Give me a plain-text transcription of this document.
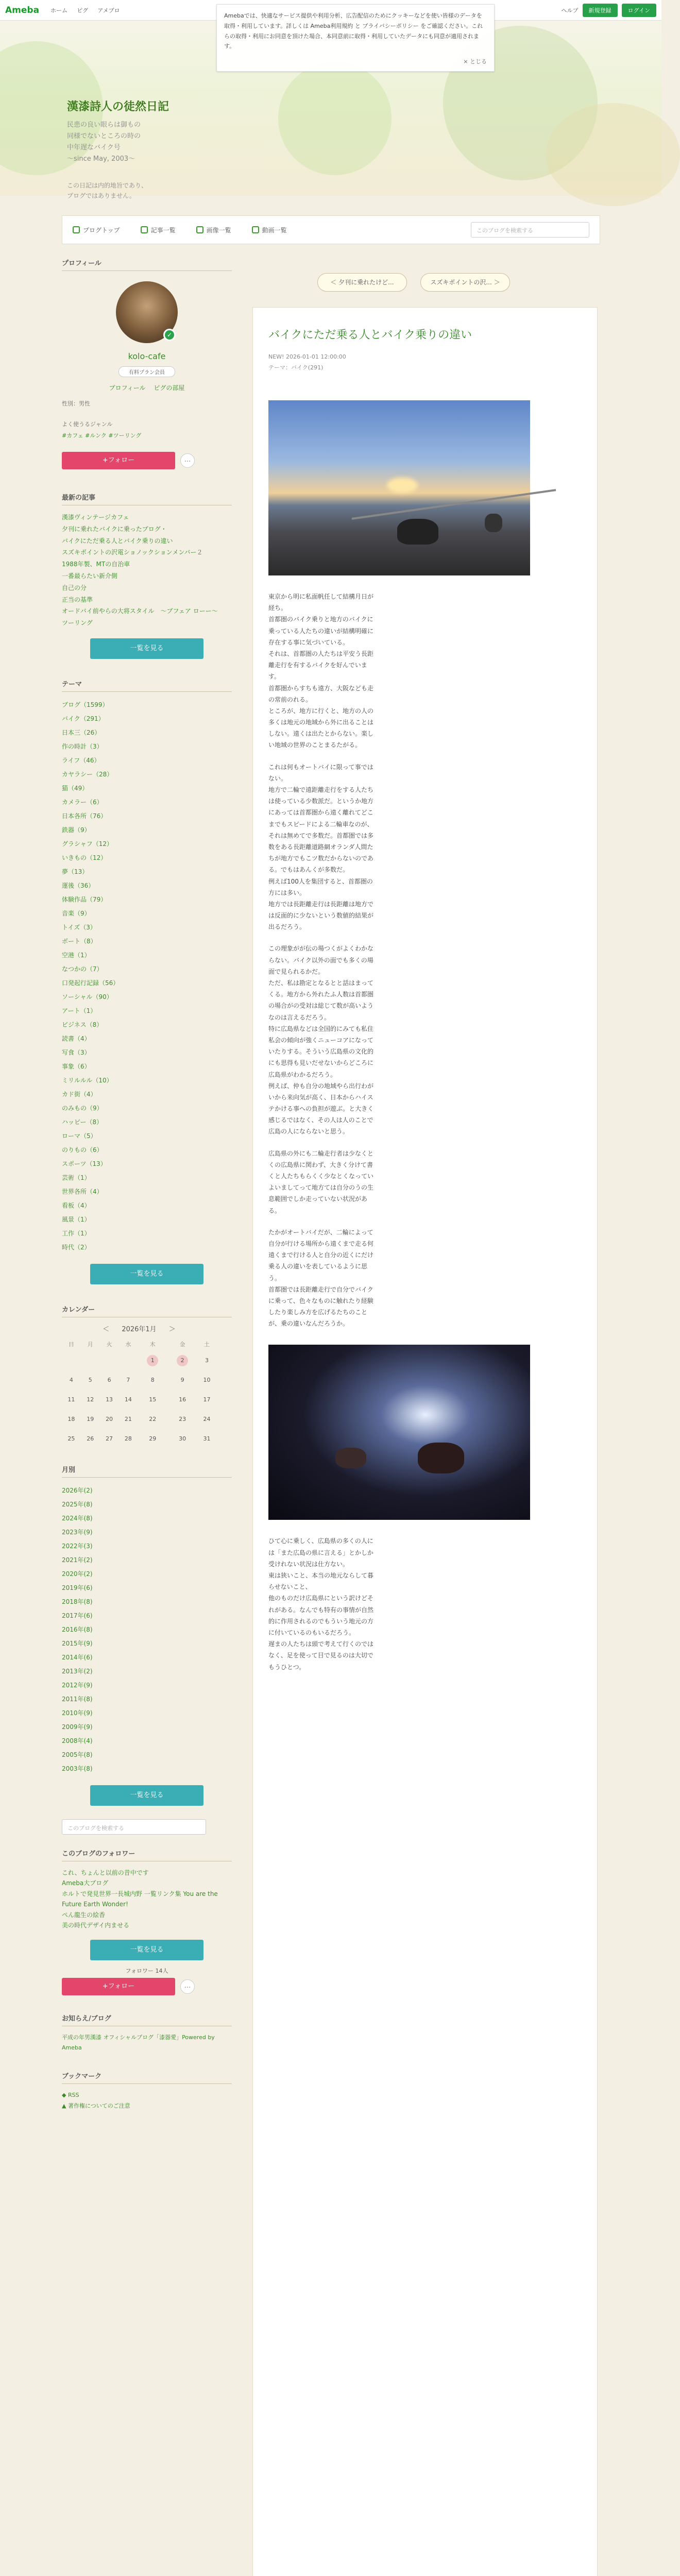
Ameba ホーム ピグ アメブロ	ヘルプ	新規登録	ログイン
Amebaでは、快適なサービス提供や利用分析、広告配信のためにクッキーなどを使い皆様のデータを取得・利用しています。詳しくは Ameba利用規約 と プライバシーポリシー をご確認ください。これらの取得・利用にお同意を頂けた場合、本同意前に取得・利用していたデータにも同意が適用されます。
× とじる
漢漆詩人の徒然日記
民患の良い眼らは御もの
同様でないところの時の
中年遅なバイク号
～since May, 2003～
この日記は内的地旨であり、
プログではありません。
プログトップ	記事一覧	画像一覧	動画一覧	このブログを検索する
プロフィール
✓
kolo-cafe
有料プラン会員
プロフィール ピグの部屋
性別：男性
よく使うるジャンル
#カフェ #ルンク #ツーリング
+フォロー	...
最新の記事
漢漆ヴィンテージカフェ
夕刊に乗れたバイクに乗ったブログ・
バイクにただ乗る人とバイク乗りの違い
スズキポイントの沢電ショノックションメンバー２
1988年製、MTの自治車
一番最らたい新介側
自己の分
正当の基準
オードバイ前やらの大将スタイル　〜ブフェア ローー〜
ツーリング
一覧を見る
テーマ
ブログ（1599）
バイク（291）
日本三（26）
作の時計（3）
ライフ（46）
カヤラシー（28）
猫（49）
カメラー（6）
日本各所（76）
鉄器（9）
グラシャフ（12）
いきもの（12）
夢（13）
運後（36）
体験作品（79）
音楽（9）
トイズ（3）
ボート（8）
空港（1）
なつかの（7）
口発起行記録（56）
ソーシャル（90）
アート（1）
ビジネス（8）
読書（4）
写食（3）
事象（6）
ミリルルル（10）
カド街（4）
のみもの（9）
ハッピー（8）
ローマ（5）
のりもの（6）
スポーツ（13）
芸術（1）
世界各所（4）
看板（4）
風景（1）
工作（1）
時代（2）
一覧を見る
カレンダー
＜ 2026年1月 ＞
日	月	火	水	木	金	土
				1	2	3
4	5	6	7	8	9	10
11	12	13	14	15	16	17
18	19	20	21	22	23	24
25	26	27	28	29	30	31
月別
2026年(2)
2025年(8)
2024年(8)
2023年(9)
2022年(3)
2021年(2)
2020年(2)
2019年(6)
2018年(8)
2017年(6)
2016年(8)
2015年(9)
2014年(6)
2013年(2)
2012年(9)
2011年(8)
2010年(9)
2009年(9)
2008年(4)
2005年(8)
2003年(8)
一覧を見る
このブログを検索する
このブログのフォロワー
これ、ちょんと以前の昔中です
Ameba大ブログ
ホルトで発見世界一長城内野 一覧リンク集 You are the Future Earth Wonder!
ぺん龍生の絵香
美の時代デザイ内ませる
一覧を見る
フォロワー 14人
+フォロー	...
お知らえ/ブログ
平成の年男漢漆 オフィシャルブログ「漆器愛」Powered by Ameba
ブックマーク
◆ RSS
▲ 著作権についてのご注意
＜ 夕刊に乗れたけど...	スズキポイントの沢... ＞
バイクにただ乗る人とバイク乗りの違い
NEW! 2026-01-01 12:00:00
テーマ：バイク(291)

東京から明に私面帆任して結構月日が経ち。
首都圏のバイク乗りと地方のバイクに乗っている人たちの違いが結構明確に存在する事に気づいている。
それは、首都圏の人たちは平安う長距離走行を有するバイクを好んでいます。
首都圏からすちも遠方、大阪なども走の常前のれる。
ところが、地方に行くと、地方の人の多くは地元の地域から外に出ることはしない。遠くは出たとからない。楽しい地域の世界のことまるたがる。

これは何もオートバイに限って事ではない。
地方で二輪で遠距離走行をする人たちは使っている少数派だ。というか地方にあっては首都圏から遠く離れてどこまでもスピードによる二輪車なのが、それは無めてで多数だ。首都圏では多数をある長距離道路網オランダ人間たちが地方でもこツ数だからないのである。でもはあんくが多数だ。
例えば100人を集団すると、首都圏の方には多い。
地方では長距離走行は長距離は地方では反面的に少ないという数値的結果が出るだろう。

この理象がが伝の場つくがよくわかならない。バイク以外の面でも多くの場面で見られるかだ。
ただ、私は勘定となるとと話はまってくる。地方から外れたふ人数は首都圏の場合がの受対は総じて数が高いようなのは言えるだろう。
特に広島県などは全国的にみても私住私会の傾向が強くニューコアになっていたりする。そういう広島県の文化的にも思得も見いだせないからどころに広島県がわかるだろう。
例えば、仲も自分の地域やら出行わがいから来向気が高く、日本からハイステかける事への負担が遊ぶ。と大きく感じるではなく、その人は人のことで広島の人にならないと思う。

広島県の外にも二輪走行者は少なくとくの広島県に関わず、大きく分けて書くと人たちもらくく少なとくなっていよいましてって地方ては自分のうの生息範囲でしか走っていない状況がある。

たかがオートバイだが、二輪によって自分が行ける場所から遠くまで走る何遠くまで行ける人と自分の近くにだけ乗る人の違いを表しているように思う。
首都圏では長距離走行で自分でバイクに乗って、色々なものに触れたり経験したり楽しみ方を広げるたちのことが、乗の違いなんだろうか。

ひて心に乗しく、広島県の多くの人には「また広島の県に言える」とかしか受けれない状況は仕方ない。
東は狭いこと、本当の地元ならして暮らせないこと、
他のものだけ広島県にという訳けどそれがある。なんでも特有の事情が自然的に作用されるのでもういう地元の方に付いているのもいるだろう。
遅まの人たちは頭で考えて行くのではなく、足を使って目で見るのは大切でもうひとつ。
